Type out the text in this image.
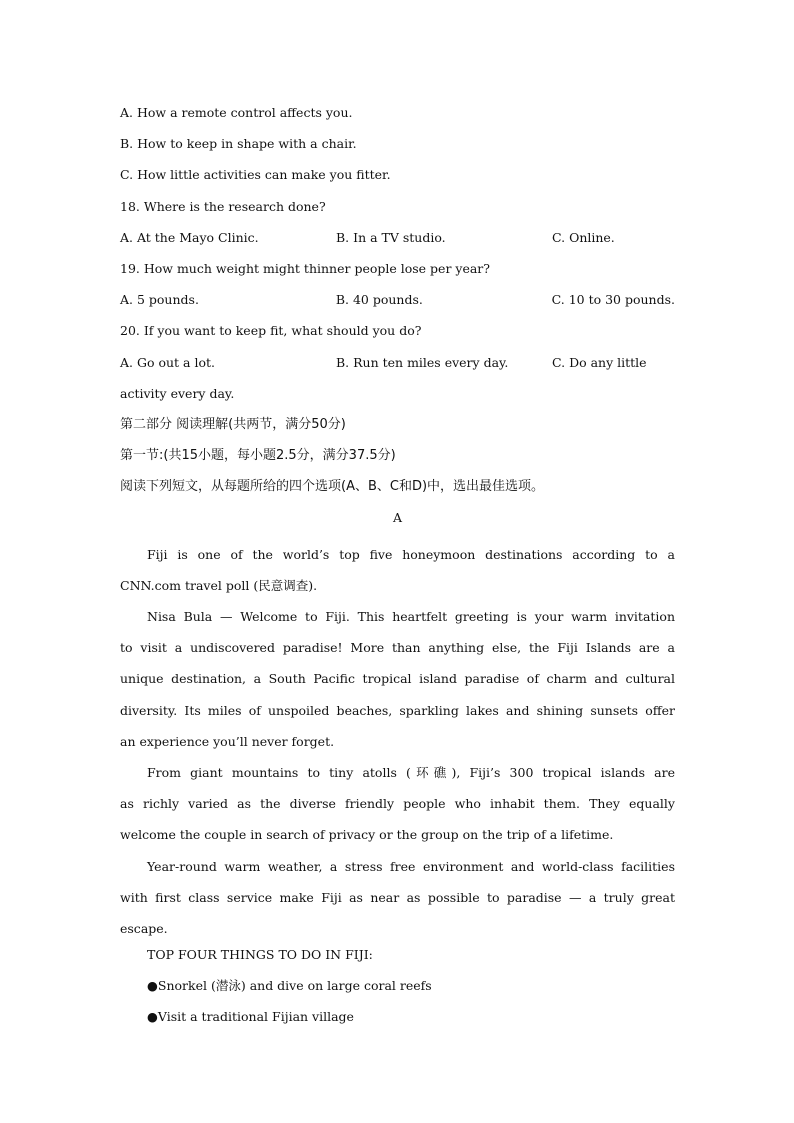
A. How a remote control affects you.
B. How to keep in shape with a chair.
C. How little activities can make you fitter.
18. Where is the research done?
A. At the Mayo Clinic.	B. In a TV studio.	C. Online.
19. How much weight might thinner people lose per year?
A. 5 pounds.	B. 40 pounds.	C. 10 to 30 pounds.
20. If you want to keep fit, what should you do?
A. Go out a lot.	B. Run ten miles every day.	C. Do any little
activity every day.
第二部分 阅读理解(共两节，满分50分)
第一节:(共15小题，每小题2.5分，满分37.5分)
阅读下列短文，从每题所给的四个选项(A、B、C和D)中，选出最佳选项。
A
Fiji is one of the world’s top five honeymoon destinations according to a
CNN.com travel poll (民意调查).
Nisa Bula — Welcome to Fiji. This heartfelt greeting is your warm invitation
to visit a undiscovered paradise! More than anything else, the Fiji Islands are a
unique destination, a South Pacific tropical island paradise of charm and cultural
diversity. Its miles of unspoiled beaches, sparkling lakes and shining sunsets offer
an experience you’ll never forget.
From giant mountains to tiny atolls (环礁), Fiji’s 300 tropical islands are
as richly varied as the diverse friendly people who inhabit them. They equally
welcome the couple in search of privacy or the group on the trip of a lifetime.
Year-round warm weather, a stress free environment and world-class facilities
with first class service make Fiji as near as possible to paradise — a truly great
escape.
TOP FOUR THINGS TO DO IN FIJI:
●Snorkel (潜泳) and dive on large coral reefs
●Visit a traditional Fijian village
